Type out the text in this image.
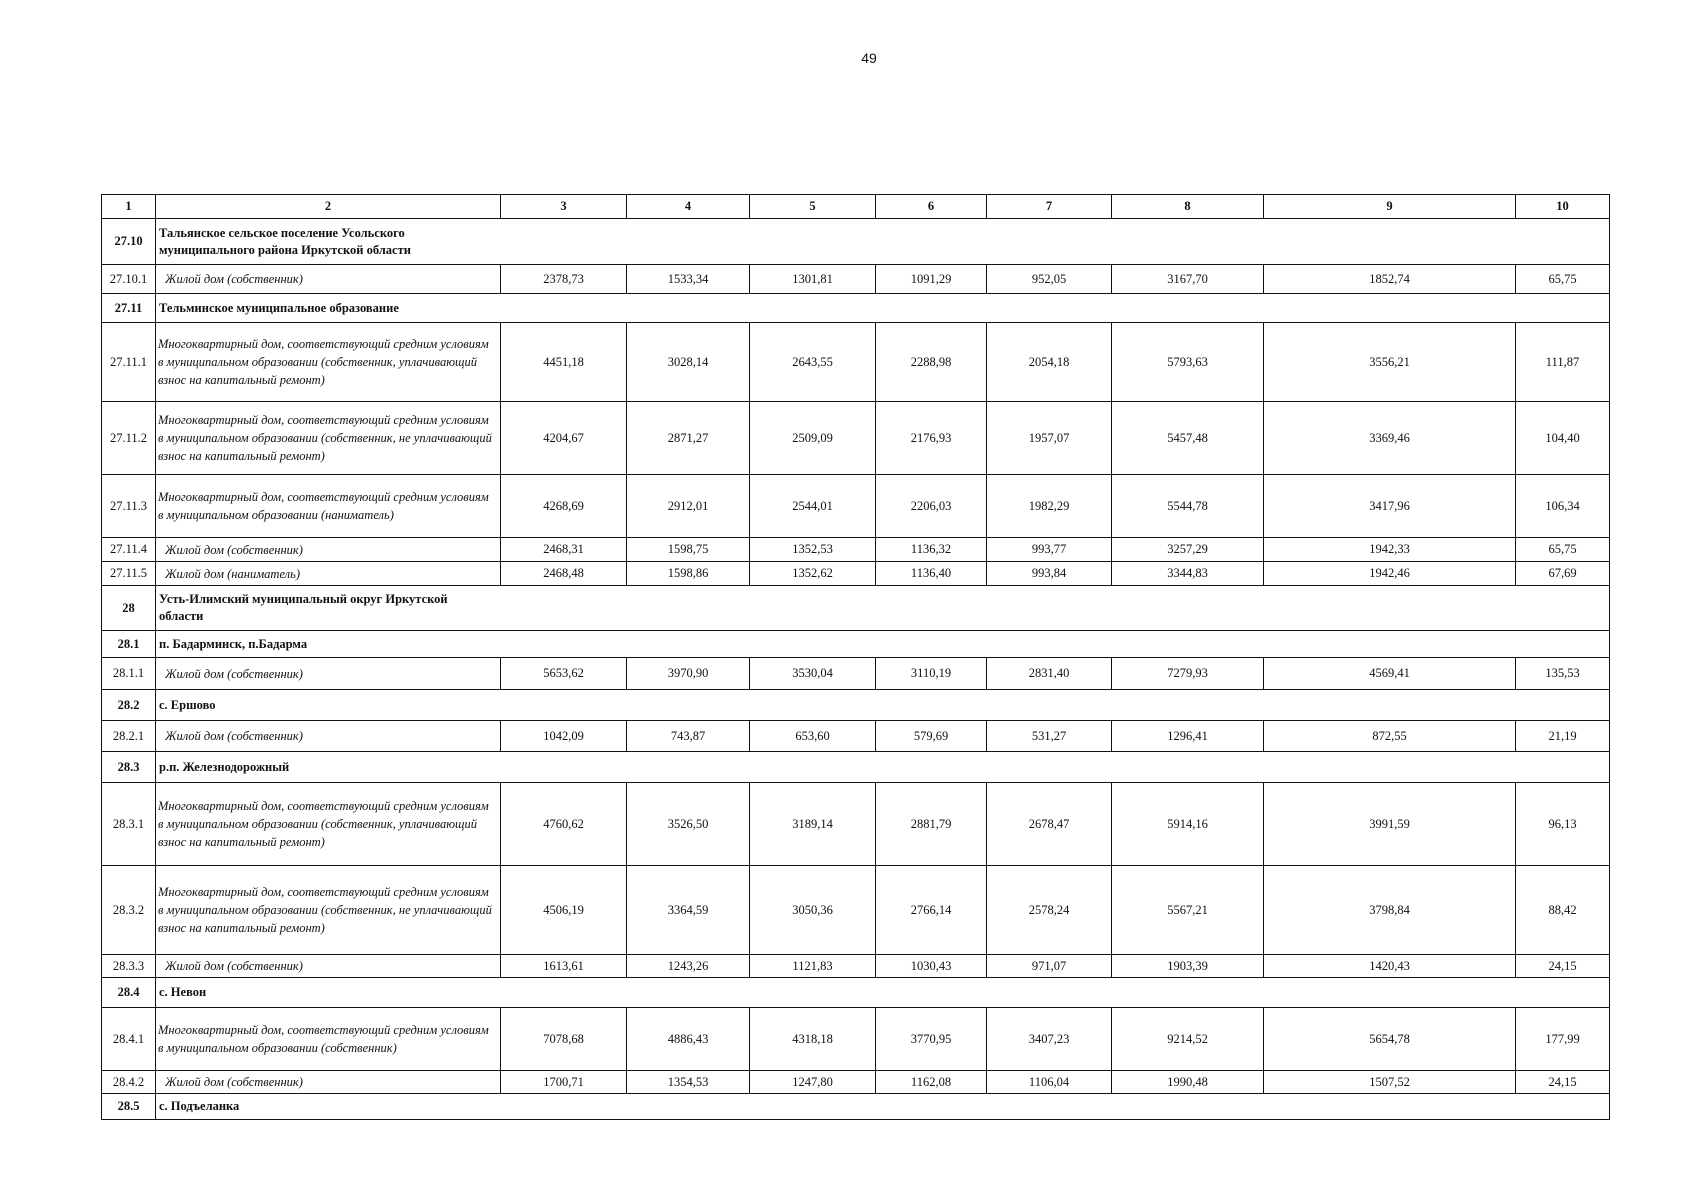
49
1	2	3	4	5	6	7	8	9	10
27.10	Тальянское сельское поселение Усольского муниципального района Иркутской области								

27.10.1	Жилой дом (собственник)	2378,73	1533,34	1301,81	1091,29	952,05	3167,70	1852,74	65,75
27.11	Тельминское муниципальное образование								

27.11.1	Многоквартирный дом, соответствующий средним условиям в муниципальном образовании (собственник, уплачивающий взнос на капитальный ремонт)	4451,18	3028,14	2643,55	2288,98	2054,18	5793,63	3556,21	111,87
27.11.2	Многоквартирный дом, соответствующий средним условиям в муниципальном образовании (собственник, не уплачивающий взнос на капитальный ремонт)	4204,67	2871,27	2509,09	2176,93	1957,07	5457,48	3369,46	104,40
27.11.3	Многоквартирный дом, соответствующий средним условиям в муниципальном образовании (наниматель)	4268,69	2912,01	2544,01	2206,03	1982,29	5544,78	3417,96	106,34
27.11.4	Жилой дом (собственник)	2468,31	1598,75	1352,53	1136,32	993,77	3257,29	1942,33	65,75
27.11.5	Жилой дом (наниматель)	2468,48	1598,86	1352,62	1136,40	993,84	3344,83	1942,46	67,69
28	Усть-Илимский муниципальный округ Иркутской области								

28.1	п. Бадарминск, п.Бадарма								

28.1.1	Жилой дом (собственник)	5653,62	3970,90	3530,04	3110,19	2831,40	7279,93	4569,41	135,53
28.2	с. Ершово								

28.2.1	Жилой дом (собственник)	1042,09	743,87	653,60	579,69	531,27	1296,41	872,55	21,19
28.3	р.п. Железнодорожный								

28.3.1	Многоквартирный дом, соответствующий средним условиям в муниципальном образовании (собственник, уплачивающий взнос на капитальный ремонт)	4760,62	3526,50	3189,14	2881,79	2678,47	5914,16	3991,59	96,13
28.3.2	Многоквартирный дом, соответствующий средним условиям в муниципальном образовании (собственник, не уплачивающий взнос на капитальный ремонт)	4506,19	3364,59	3050,36	2766,14	2578,24	5567,21	3798,84	88,42
28.3.3	Жилой дом (собственник)	1613,61	1243,26	1121,83	1030,43	971,07	1903,39	1420,43	24,15
28.4	с. Невон								

28.4.1	Многоквартирный дом, соответствующий средним условиям в муниципальном образовании (собственник)	7078,68	4886,43	4318,18	3770,95	3407,23	9214,52	5654,78	177,99
28.4.2	Жилой дом (собственник)	1700,71	1354,53	1247,80	1162,08	1106,04	1990,48	1507,52	24,15
28.5	с. Подъеланка								
